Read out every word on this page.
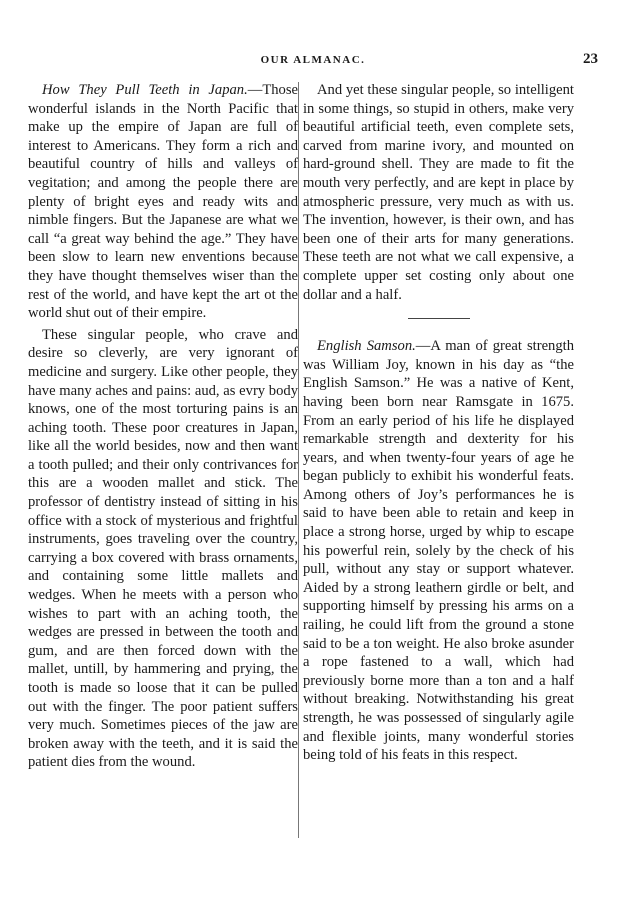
OUR ALMANAC.	23

How They Pull Teeth in Japan.—Those wonderful islands in the North Pacific that make up the empire of Japan are full of interest to Americans. They form a rich and beautiful country of hills and valleys of vegitation; and among the people there are plenty of bright eyes and ready wits and nimble fingers. But the Japanese are what we call “a great way behind the age.” They have been slow to learn new enventions because they have thought themselves wiser than the rest of the world, and have kept the art ot the world shut out of their empire.

These singular people, who crave and desire so cleverly, are very ignorant of medicine and surgery. Like other people, they have many aches and pains: aud, as evry body knows, one of the most torturing pains is an aching tooth. These poor creatures in Japan, like all the world besides, now and then want a tooth pulled; and their only contrivances for this are a wooden mallet and stick. The professor of dentistry instead of sitting in his office with a stock of mysterious and frightful instruments, goes traveling over the country, carrying a box covered with brass ornaments, and containing some little mallets and wedges. When he meets with a person who wishes to part with an aching tooth, the wedges are pressed in between the tooth and gum, and are then forced down with the mallet, untill, by hammering and prying, the tooth is made so loose that it can be pulled out with the finger. The poor patient suffers very much. Sometimes pieces of the jaw are broken away with the teeth, and it is said the patient dies from the wound.

And yet these singular people, so intelligent in some things, so stupid in others, make very beautiful artificial teeth, even complete sets, carved from marine ivory, and mounted on hard-ground shell. They are made to fit the mouth very perfectly, and are kept in place by atmospheric pressure, very much as with us. The invention, however, is their own, and has been one of their arts for many generations. These teeth are not what we call expensive, a complete upper set costing only about one dollar and a half.

English Samson.—A man of great strength was William Joy, known in his day as “the English Samson.” He was a native of Kent, having been born near Ramsgate in 1675. From an early period of his life he displayed remarkable strength and dexterity for his years, and when twenty-four years of age he began publicly to exhibit his wonderful feats. Among others of Joy’s performances he is said to have been able to retain and keep in place a strong horse, urged by whip to escape his powerful rein, solely by the check of his pull, without any stay or support whatever. Aided by a strong leathern girdle or belt, and supporting himself by pressing his arms on a railing, he could lift from the ground a stone said to be a ton weight. He also broke asunder a rope fastened to a wall, which had previously borne more than a ton and a half without breaking. Notwithstanding his great strength, he was possessed of singularly agile and flexible joints, many wonderful stories being told of his feats in this respect.
